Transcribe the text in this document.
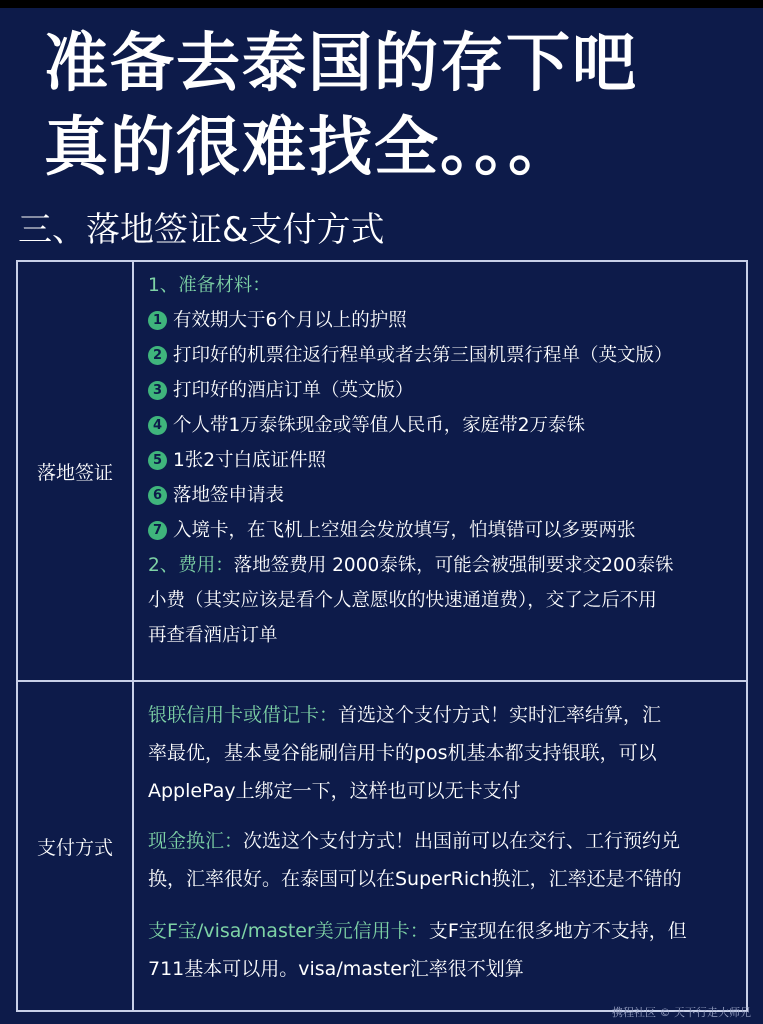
准备去泰国的存下吧
真的很难找全。。。
三、落地签证&支付方式
落地签证
1、准备材料：
1 有效期大于6个月以上的护照
2 打印好的机票往返行程单或者去第三国机票行程单（英文版）
3 打印好的酒店订单（英文版）
4 个人带1万泰铢现金或等值人民币，家庭带2万泰铢
5 1张2寸白底证件照
6 落地签申请表
7 入境卡，在飞机上空姐会发放填写，怕填错可以多要两张
2、费用：落地签费用 2000泰铢，可能会被强制要求交200泰铢
小费（其实应该是看个人意愿收的快速通道费），交了之后不用
再查看酒店订单
支付方式
银联信用卡或借记卡：首选这个支付方式！实时汇率结算，汇
率最优，基本曼谷能刷信用卡的pos机基本都支持银联，可以
ApplePay上绑定一下，这样也可以无卡支付
现金换汇：次选这个支付方式！出国前可以在交行、工行预约兑
换，汇率很好。在泰国可以在SuperRich换汇，汇率还是不错的
支F宝/visa/master美元信用卡：支F宝现在很多地方不支持，但
711基本可以用。visa/master汇率很不划算
携程社区 © 天下行走大师兄
